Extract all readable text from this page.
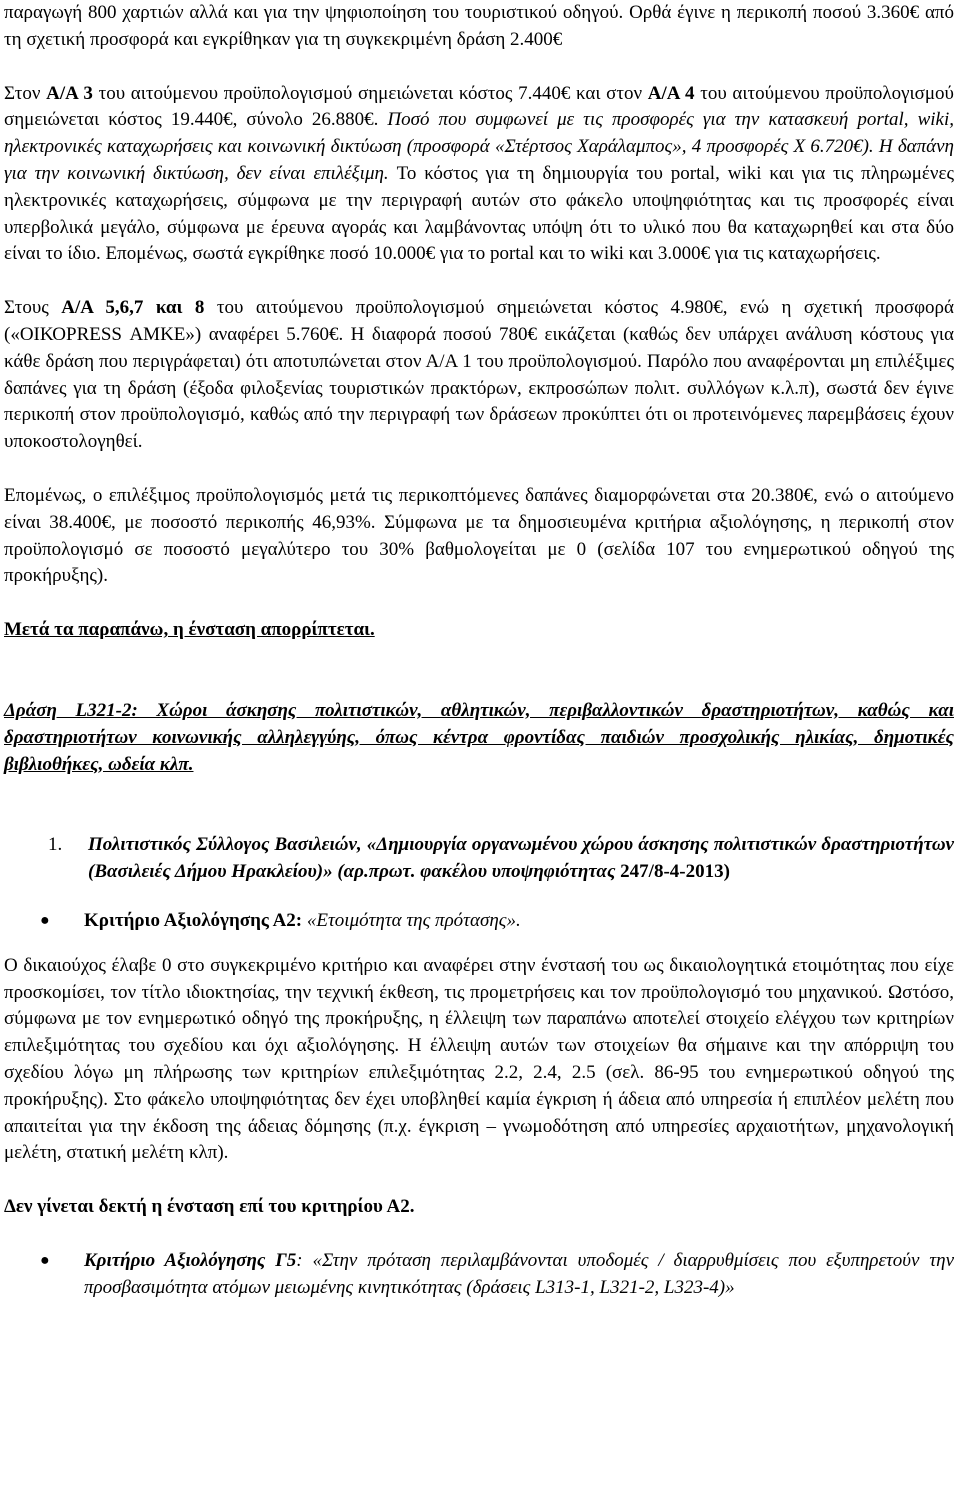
παραγωγή 800 χαρτιών αλλά και για την ψηφιοποίηση του τουριστικού οδηγού. Ορθά έγινε η περικοπή ποσού 3.360€ από τη σχετική προσφορά και εγκρίθηκαν για τη συγκεκριμένη δράση 2.400€

Στον Α/Α 3 του αιτούμενου προϋπολογισμού σημειώνεται κόστος 7.440€ και στον Α/Α 4 του αιτούμενου προϋπολογισμού σημειώνεται κόστος 19.440€, σύνολο 26.880€. Ποσό που συμφωνεί με τις προσφορές για την κατασκευή portal, wiki, ηλεκτρονικές καταχωρήσεις και κοινωνική δικτύωση (προσφορά «Στέρτσος Χαράλαμπος», 4 προσφορές Χ 6.720€). Η δαπάνη για την κοινωνική δικτύωση, δεν είναι επιλέξιμη. Το κόστος για τη δημιουργία του portal, wiki και για τις πληρωμένες ηλεκτρονικές καταχωρήσεις, σύμφωνα με την περιγραφή αυτών στο φάκελο υποψηφιότητας και τις προσφορές είναι υπερβολικά μεγάλο, σύμφωνα με έρευνα αγοράς και λαμβάνοντας υπόψη ότι το υλικό που θα καταχωρηθεί και στα δύο είναι το ίδιο. Επομένως, σωστά εγκρίθηκε ποσό 10.000€ για το portal και το wiki και 3.000€ για τις καταχωρήσεις.

Στους Α/Α 5,6,7 και 8 του αιτούμενου προϋπολογισμού σημειώνεται κόστος 4.980€, ενώ η σχετική προσφορά («ΟΙΚΟPRESS ΑΜΚΕ») αναφέρει 5.760€. Η διαφορά ποσού 780€ εικάζεται (καθώς δεν υπάρχει ανάλυση κόστους για κάθε δράση που περιγράφεται) ότι αποτυπώνεται στον Α/Α 1 του προϋπολογισμού. Παρόλο που αναφέρονται μη επιλέξιμες δαπάνες για τη δράση (έξοδα φιλοξενίας τουριστικών πρακτόρων, εκπροσώπων πολιτ. συλλόγων κ.λ.π), σωστά δεν έγινε περικοπή στον προϋπολογισμό, καθώς από την περιγραφή των δράσεων προκύπτει ότι οι προτεινόμενες παρεμβάσεις έχουν υποκοστολογηθεί.

Επομένως, ο επιλέξιμος προϋπολογισμός μετά τις περικοπτόμενες δαπάνες διαμορφώνεται στα 20.380€, ενώ ο αιτούμενο είναι 38.400€, με ποσοστό περικοπής 46,93%. Σύμφωνα με τα δημοσιευμένα κριτήρια αξιολόγησης, η περικοπή στον προϋπολογισμό σε ποσοστό μεγαλύτερο του 30% βαθμολογείται με 0 (σελίδα 107 του ενημερωτικού οδηγού της προκήρυξης).

Μετά τα παραπάνω, η ένσταση απορρίπτεται.

Δράση L321-2: Χώροι άσκησης πολιτιστικών, αθλητικών, περιβαλλοντικών δραστηριοτήτων, καθώς και δραστηριοτήτων κοινωνικής αλληλεγγύης, όπως κέντρα φροντίδας παιδιών προσχολικής ηλικίας, δημοτικές βιβλιοθήκες, ωδεία κλπ.

1.	Πολιτιστικός Σύλλογος Βασιλειών, «Δημιουργία οργανωμένου χώρου άσκησης πολιτιστικών δραστηριοτήτων (Βασιλειές Δήμου Ηρακλείου)» (αρ.πρωτ. φακέλου υποψηφιότητας 247/8-4-2013)
●	Κριτήριο Αξιολόγησης Α2: «Ετοιμότητα της πρότασης».

Ο δικαιούχος έλαβε 0 στο συγκεκριμένο κριτήριο και αναφέρει στην ένστασή του ως δικαιολογητικά ετοιμότητας που είχε προσκομίσει, τον τίτλο ιδιοκτησίας, την τεχνική έκθεση, τις προμετρήσεις και τον προϋπολογισμό του μηχανικού. Ωστόσο, σύμφωνα με τον ενημερωτικό οδηγό της προκήρυξης, η έλλειψη των παραπάνω αποτελεί στοιχείο ελέγχου των κριτηρίων επιλεξιμότητας του σχεδίου και όχι αξιολόγησης. Η έλλειψη αυτών των στοιχείων θα σήμαινε και την απόρριψη του σχεδίου λόγω μη πλήρωσης των κριτηρίων επιλεξιμότητας 2.2, 2.4, 2.5 (σελ. 86-95 του ενημερωτικού οδηγού της προκήρυξης). Στο φάκελο υποψηφιότητας δεν έχει υποβληθεί καμία έγκριση ή άδεια από υπηρεσία ή επιπλέον μελέτη που απαιτείται για την έκδοση της άδειας δόμησης (π.χ. έγκριση – γνωμοδότηση από υπηρεσίες αρχαιοτήτων, μηχανολογική μελέτη, στατική μελέτη κλπ).

Δεν γίνεται δεκτή η ένσταση επί του κριτηρίου Α2.

●	Κριτήριο Αξιολόγησης Γ5: «Στην πρόταση περιλαμβάνονται υποδομές / διαρρυθμίσεις που εξυπηρετούν την προσβασιμότητα ατόμων μειωμένης κινητικότητας (δράσεις L313-1, L321-2, L323-4)»
